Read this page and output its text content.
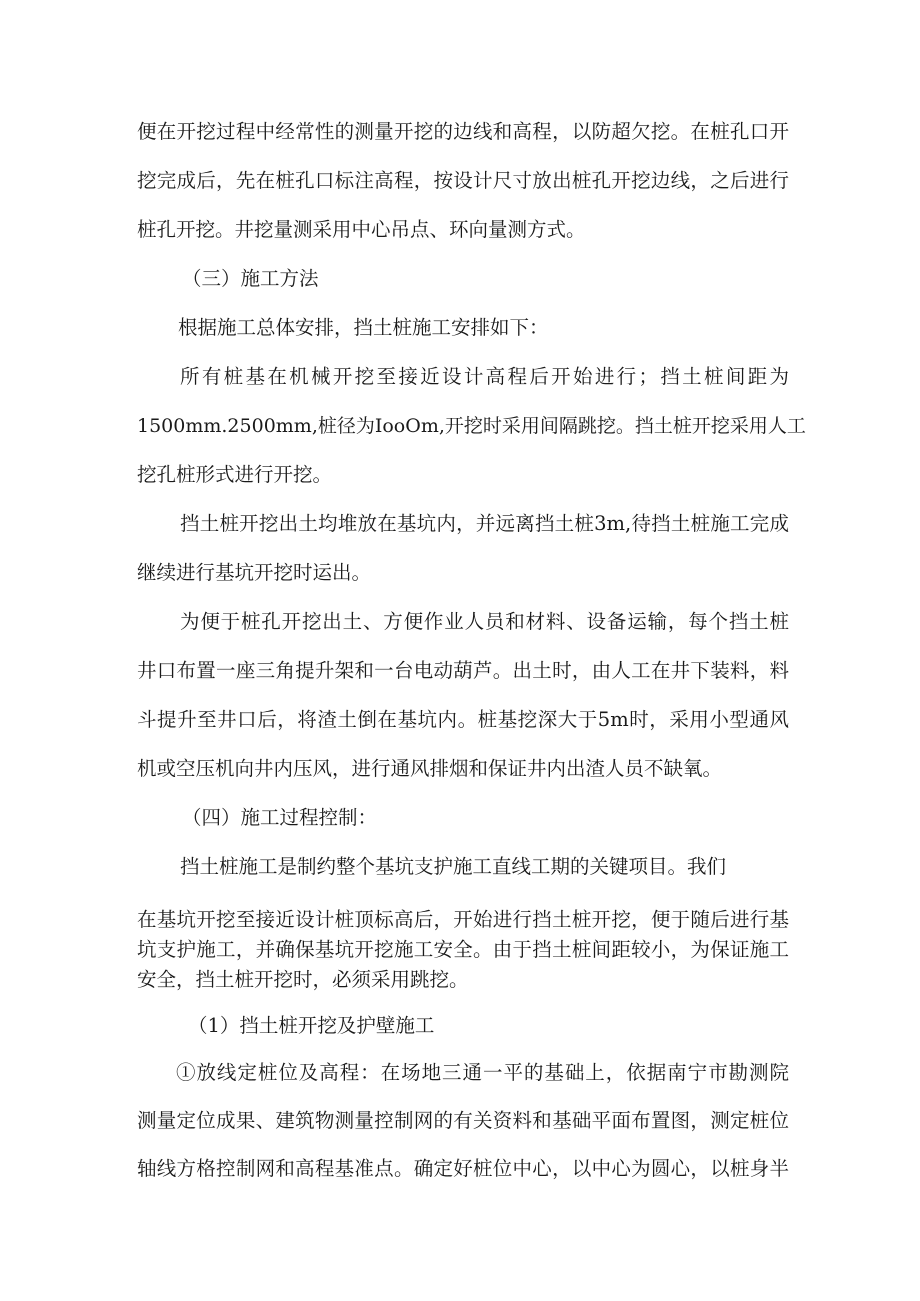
便在开挖过程中经常性的测量开挖的边线和高程，以防超欠挖。在桩孔口开
挖完成后，先在桩孔口标注高程，按设计尺寸放出桩孔开挖边线，之后进行
桩孔开挖。井挖量测采用中心吊点、环向量测方式。
（三）施工方法
根据施工总体安排，挡土桩施工安排如下：
所有桩基在机械开挖至接近设计高程后开始进行；挡土桩间距为
1500mm.2500mm,桩径为IooOm,开挖时采用间隔跳挖。挡土桩开挖采用人工
挖孔桩形式进行开挖。
挡土桩开挖出土均堆放在基坑内，并远离挡土桩3m,待挡土桩施工完成
继续进行基坑开挖时运出。
为便于桩孔开挖出土、方便作业人员和材料、设备运输，每个挡土桩
井口布置一座三角提升架和一台电动葫芦。出土时，由人工在井下装料，料
斗提升至井口后，将渣土倒在基坑内。桩基挖深大于5m时，采用小型通风
机或空压机向井内压风，进行通风排烟和保证井内出渣人员不缺氧。
（四）施工过程控制：
挡土桩施工是制约整个基坑支护施工直线工期的关键项目。我们
在基坑开挖至接近设计桩顶标高后，开始进行挡土桩开挖，便于随后进行基
坑支护施工，并确保基坑开挖施工安全。由于挡土桩间距较小，为保证施工
安全，挡土桩开挖时，必须采用跳挖。
（1）挡土桩开挖及护壁施工
①放线定桩位及高程：在场地三通一平的基础上，依据南宁市勘测院
测量定位成果、建筑物测量控制网的有关资料和基础平面布置图，测定桩位
轴线方格控制网和高程基准点。确定好桩位中心，以中心为圆心，以桩身半
